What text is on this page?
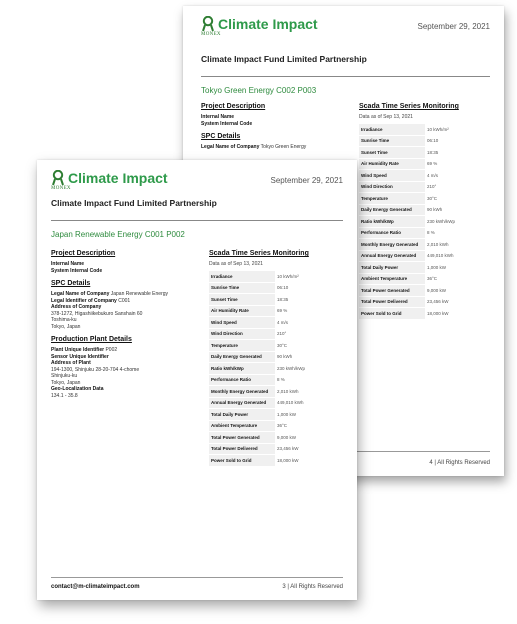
MONEX
Climate Impact	September 29, 2021
Climate Impact Fund Limited Partnership
Tokyo Green Energy C002 P003

Project Description

Internal Name
System Internal Code

SPC Details

Legal Name of Company Tokyo Green Energy
Scada Time Series Monitoring
Data as of Sep 13, 2021
Irradiance	10 kWh/m²
Sunrise Time	06:10
Sunset Time	18:35
Air Humidity Rate	69 %
Wind Speed	4 m/s
Wind Direction	210°
Temperature	30°C
Daily Energy Generated	90 kWh
Ratio kWh/kWp	230 kWh/kWp
Performance Ratio	8 %
Monthly Energy Generated	2,010 kWh
Annual Energy Generated	449,010 kWh
Total Daily Power	1,000 kW
Ambient Temperature	36°C
Total Power Generated	9,000 kW
Total Power Delivered	23,456 kW
Power Sold to Grid	18,000 kW
4 | All Rights Reserved
MONEX
Climate Impact	September 29, 2021
Climate Impact Fund Limited Partnership
Japan Renewable Energy C001 P002

Project Description

Internal Name
System Internal Code

SPC Details

Legal Name of Company Japan Renewable Energy
Legal Identifier of Company C001
Address of Company
378-1272, Higashiikebukuro Sanshain 60
Toshima-ku
Tokyo, Japan

Production Plant Details

Plant Unique Identifier P002
Sensor Unique Identifier
Address of Plant
194-1300, Shinjuku 28-20-704 4-chome
Shinjuku-ku
Tokyo, Japan
Geo-Localization Data
134.1 - 35.8
Scada Time Series Monitoring
Data as of Sep 13, 2021
Irradiance	10 kWh/m²
Sunrise Time	06:10
Sunset Time	18:35
Air Humidity Rate	69 %
Wind Speed	4 m/s
Wind Direction	210°
Temperature	30°C
Daily Energy Generated	90 kWh
Ratio kWh/kWp	230 kWh/kWp
Performance Ratio	8 %
Monthly Energy Generated	2,010 kWh
Annual Energy Generated	449,010 kWh
Total Daily Power	1,000 kW
Ambient Temperature	36°C
Total Power Generated	9,000 kW
Total Power Delivered	23,456 kW
Power Sold to Grid	18,000 kW
contact@m-climateimpact.com	3 | All Rights Reserved
